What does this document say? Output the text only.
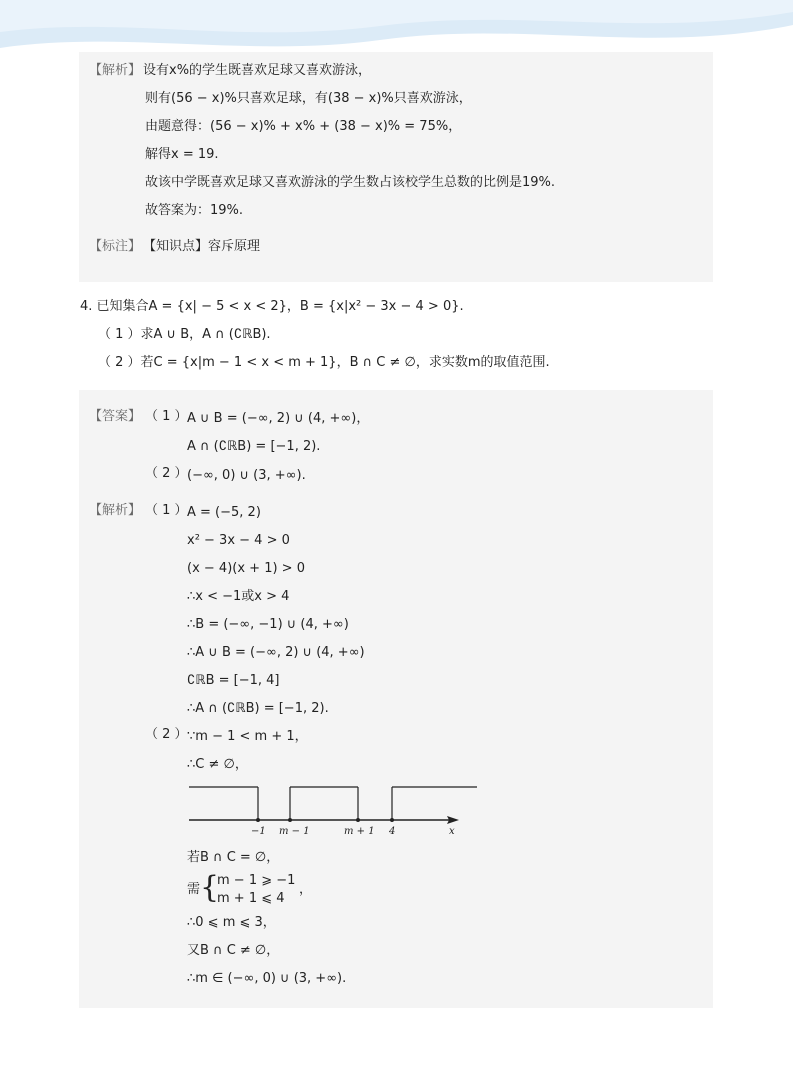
【解析】 设有x%的学生既喜欢足球又喜欢游泳，
则有(56 − x)%只喜欢足球，有(38 − x)%只喜欢游泳，
由题意得：(56 − x)% + x% + (38 − x)% = 75%，
解得x = 19.
故该中学既喜欢足球又喜欢游泳的学生数占该校学生总数的比例是19%.
故答案为：19%.
【标注】 【知识点】容斥原理
4. 已知集合A = {x| − 5 < x < 2}，B = {x|x² − 3x − 4 > 0}.
（ 1 ）求A ∪ B，A ∩ (∁ℝB).
（ 2 ）若C = {x|m − 1 < x < m + 1}，B ∩ C ≠ ∅，求实数m的取值范围.
【答案】 （ 1 ） A ∪ B = (−∞, 2) ∪ (4, +∞)，
A ∩ (∁ℝB) = [−1, 2).
（ 2 ） (−∞, 0) ∪ (3, +∞).
【解析】 （ 1 ） A = (−5, 2)
x² − 3x − 4 > 0
(x − 4)(x + 1) > 0
∴x < −1或x > 4
∴B = (−∞, −1) ∪ (4, +∞)
∴A ∪ B = (−∞, 2) ∪ (4, +∞)
∁ℝB = [−1, 4]
∴A ∩ (∁ℝB) = [−1, 2).
（ 2 ） ∵m − 1 < m + 1，
∴C ≠ ∅，
−1 m − 1	m + 1 4	x
若B ∩ C = ∅，
需 {
m − 1 ⩾ −1
m + 1 ⩽ 4
，
∴0 ⩽ m ⩽ 3，
又B ∩ C ≠ ∅，
∴m ∈ (−∞, 0) ∪ (3, +∞).
